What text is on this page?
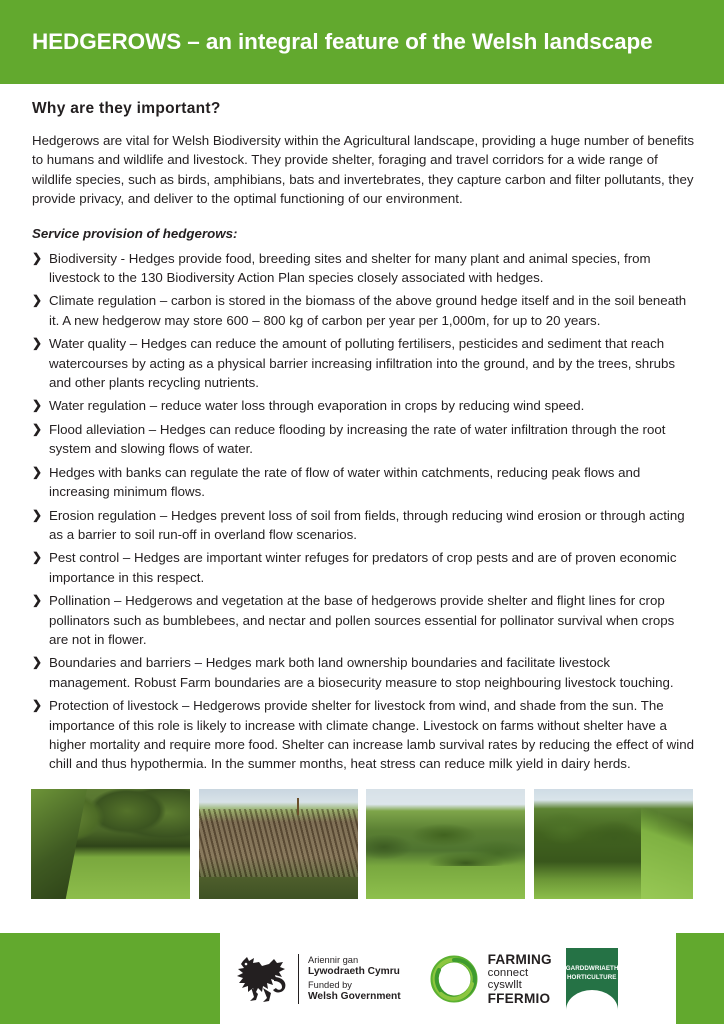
HEDGEROWS – an integral feature of the Welsh landscape
Why are they important?

Hedgerows are vital for Welsh Biodiversity within the Agricultural landscape, providing a huge number of benefits to humans and wildlife and livestock. They provide shelter, foraging and travel corridors for a wide range of wildlife species, such as birds, amphibians, bats and invertebrates, they capture carbon and filter pollutants, they provide privacy, and deliver to the optimal functioning of our environment.

Service provision of hedgerows:
❯ Biodiversity - Hedges provide food, breeding sites and shelter for many plant and animal species, from livestock to the 130 Biodiversity Action Plan species closely associated with hedges.
❯ Climate regulation – carbon is stored in the biomass of the above ground hedge itself and in the soil beneath it. A new hedgerow may store 600 – 800 kg of carbon per year per 1,000m, for up to 20 years.
❯ Water quality – Hedges can reduce the amount of polluting fertilisers, pesticides and sediment that reach watercourses by acting as a physical barrier increasing infiltration into the ground, and by the trees, shrubs and other plants recycling nutrients.
❯ Water regulation – reduce water loss through evaporation in crops by reducing wind speed.
❯ Flood alleviation – Hedges can reduce flooding by increasing the rate of water infiltration through the root system and slowing flows of water.
❯ Hedges with banks can regulate the rate of flow of water within catchments, reducing peak flows and increasing minimum flows.
❯ Erosion regulation – Hedges prevent loss of soil from fields, through reducing wind erosion or through acting as a barrier to soil run-off in overland flow scenarios.
❯ Pest control – Hedges are important winter refuges for predators of crop pests and are of proven economic importance in this respect.
❯ Pollination – Hedgerows and vegetation at the base of hedgerows provide shelter and flight lines for crop pollinators such as bumblebees, and nectar and pollen sources essential for pollinator survival when crops are not in flower.
❯ Boundaries and barriers – Hedges mark both land ownership boundaries and facilitate livestock management. Robust Farm boundaries are a biosecurity measure to stop neighbouring livestock touching.
❯ Protection of livestock – Hedgerows provide shelter for livestock from wind, and shade from the sun. The importance of this role is likely to increase with climate change. Livestock on farms without shelter have a higher mortality and require more food. Shelter can increase lamb survival rates by reducing the effect of wind chill and thus hypothermia. In the summer months, heat stress can reduce milk yield in dairy herds.
Ariennir gan
Lywodraeth Cymru
Funded by
Welsh Government
FARMING
connect
cyswllt
FFERMIO
GARDDWRIAETH
HORTICULTURE
